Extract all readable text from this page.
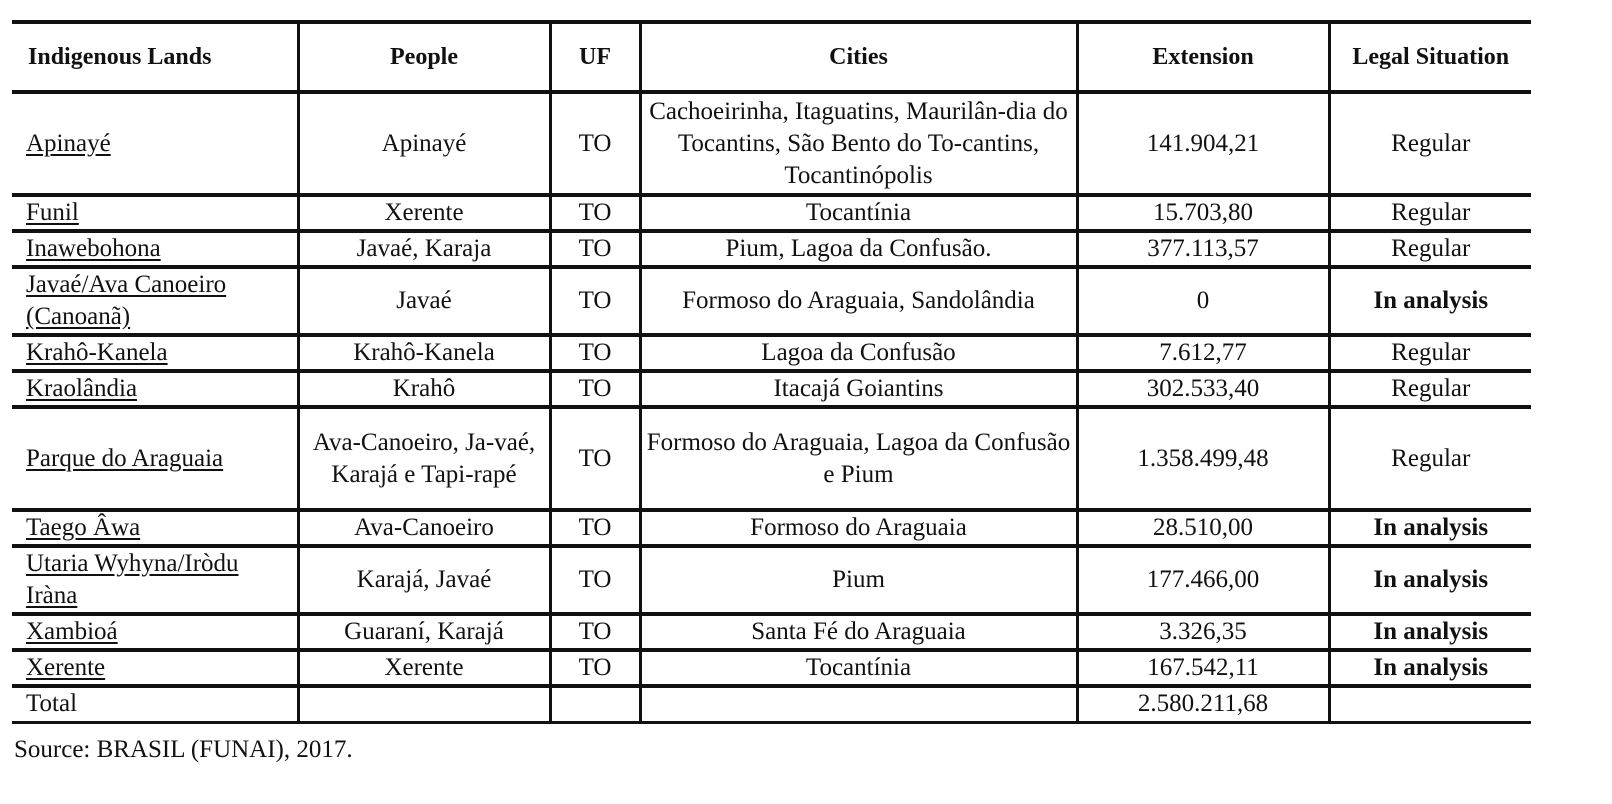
Indigenous Lands	People	UF	Cities	Extension	Legal Situation
Apinayé	Apinayé	TO	Cachoeirinha, Itaguatins, Maurilân-dia do Tocantins, São Bento do To-cantins, Tocantinópolis	141.904,21	Regular
Funil	Xerente	TO	Tocantínia	15.703,80	Regular
Inawebohona	Javaé, Karaja	TO	Pium, Lagoa da Confusão.	377.113,57	Regular
Javaé/Ava Canoeiro (Canoanã)	Javaé	TO	Formoso do Araguaia, Sandolândia	0	In analysis
Krahô-Kanela	Krahô-Kanela	TO	Lagoa da Confusão	7.612,77	Regular
Kraolândia	Krahô	TO	Itacajá Goiantins	302.533,40	Regular
Parque do Araguaia	Ava-Canoeiro, Ja-vaé, Karajá e Tapi-rapé	TO	Formoso do Araguaia, Lagoa da Confusão e Pium	1.358.499,48	Regular
Taego Âwa	Ava-Canoeiro	TO	Formoso do Araguaia	28.510,00	In analysis
Utaria Wyhyna/Iròdu Iràna	Karajá, Javaé	TO	Pium	177.466,00	In analysis
Xambioá	Guaraní, Karajá	TO	Santa Fé do Araguaia	3.326,35	In analysis
Xerente	Xerente	TO	Tocantínia	167.542,11	In analysis
Total				2.580.211,68	
Source: BRASIL (FUNAI), 2017.
